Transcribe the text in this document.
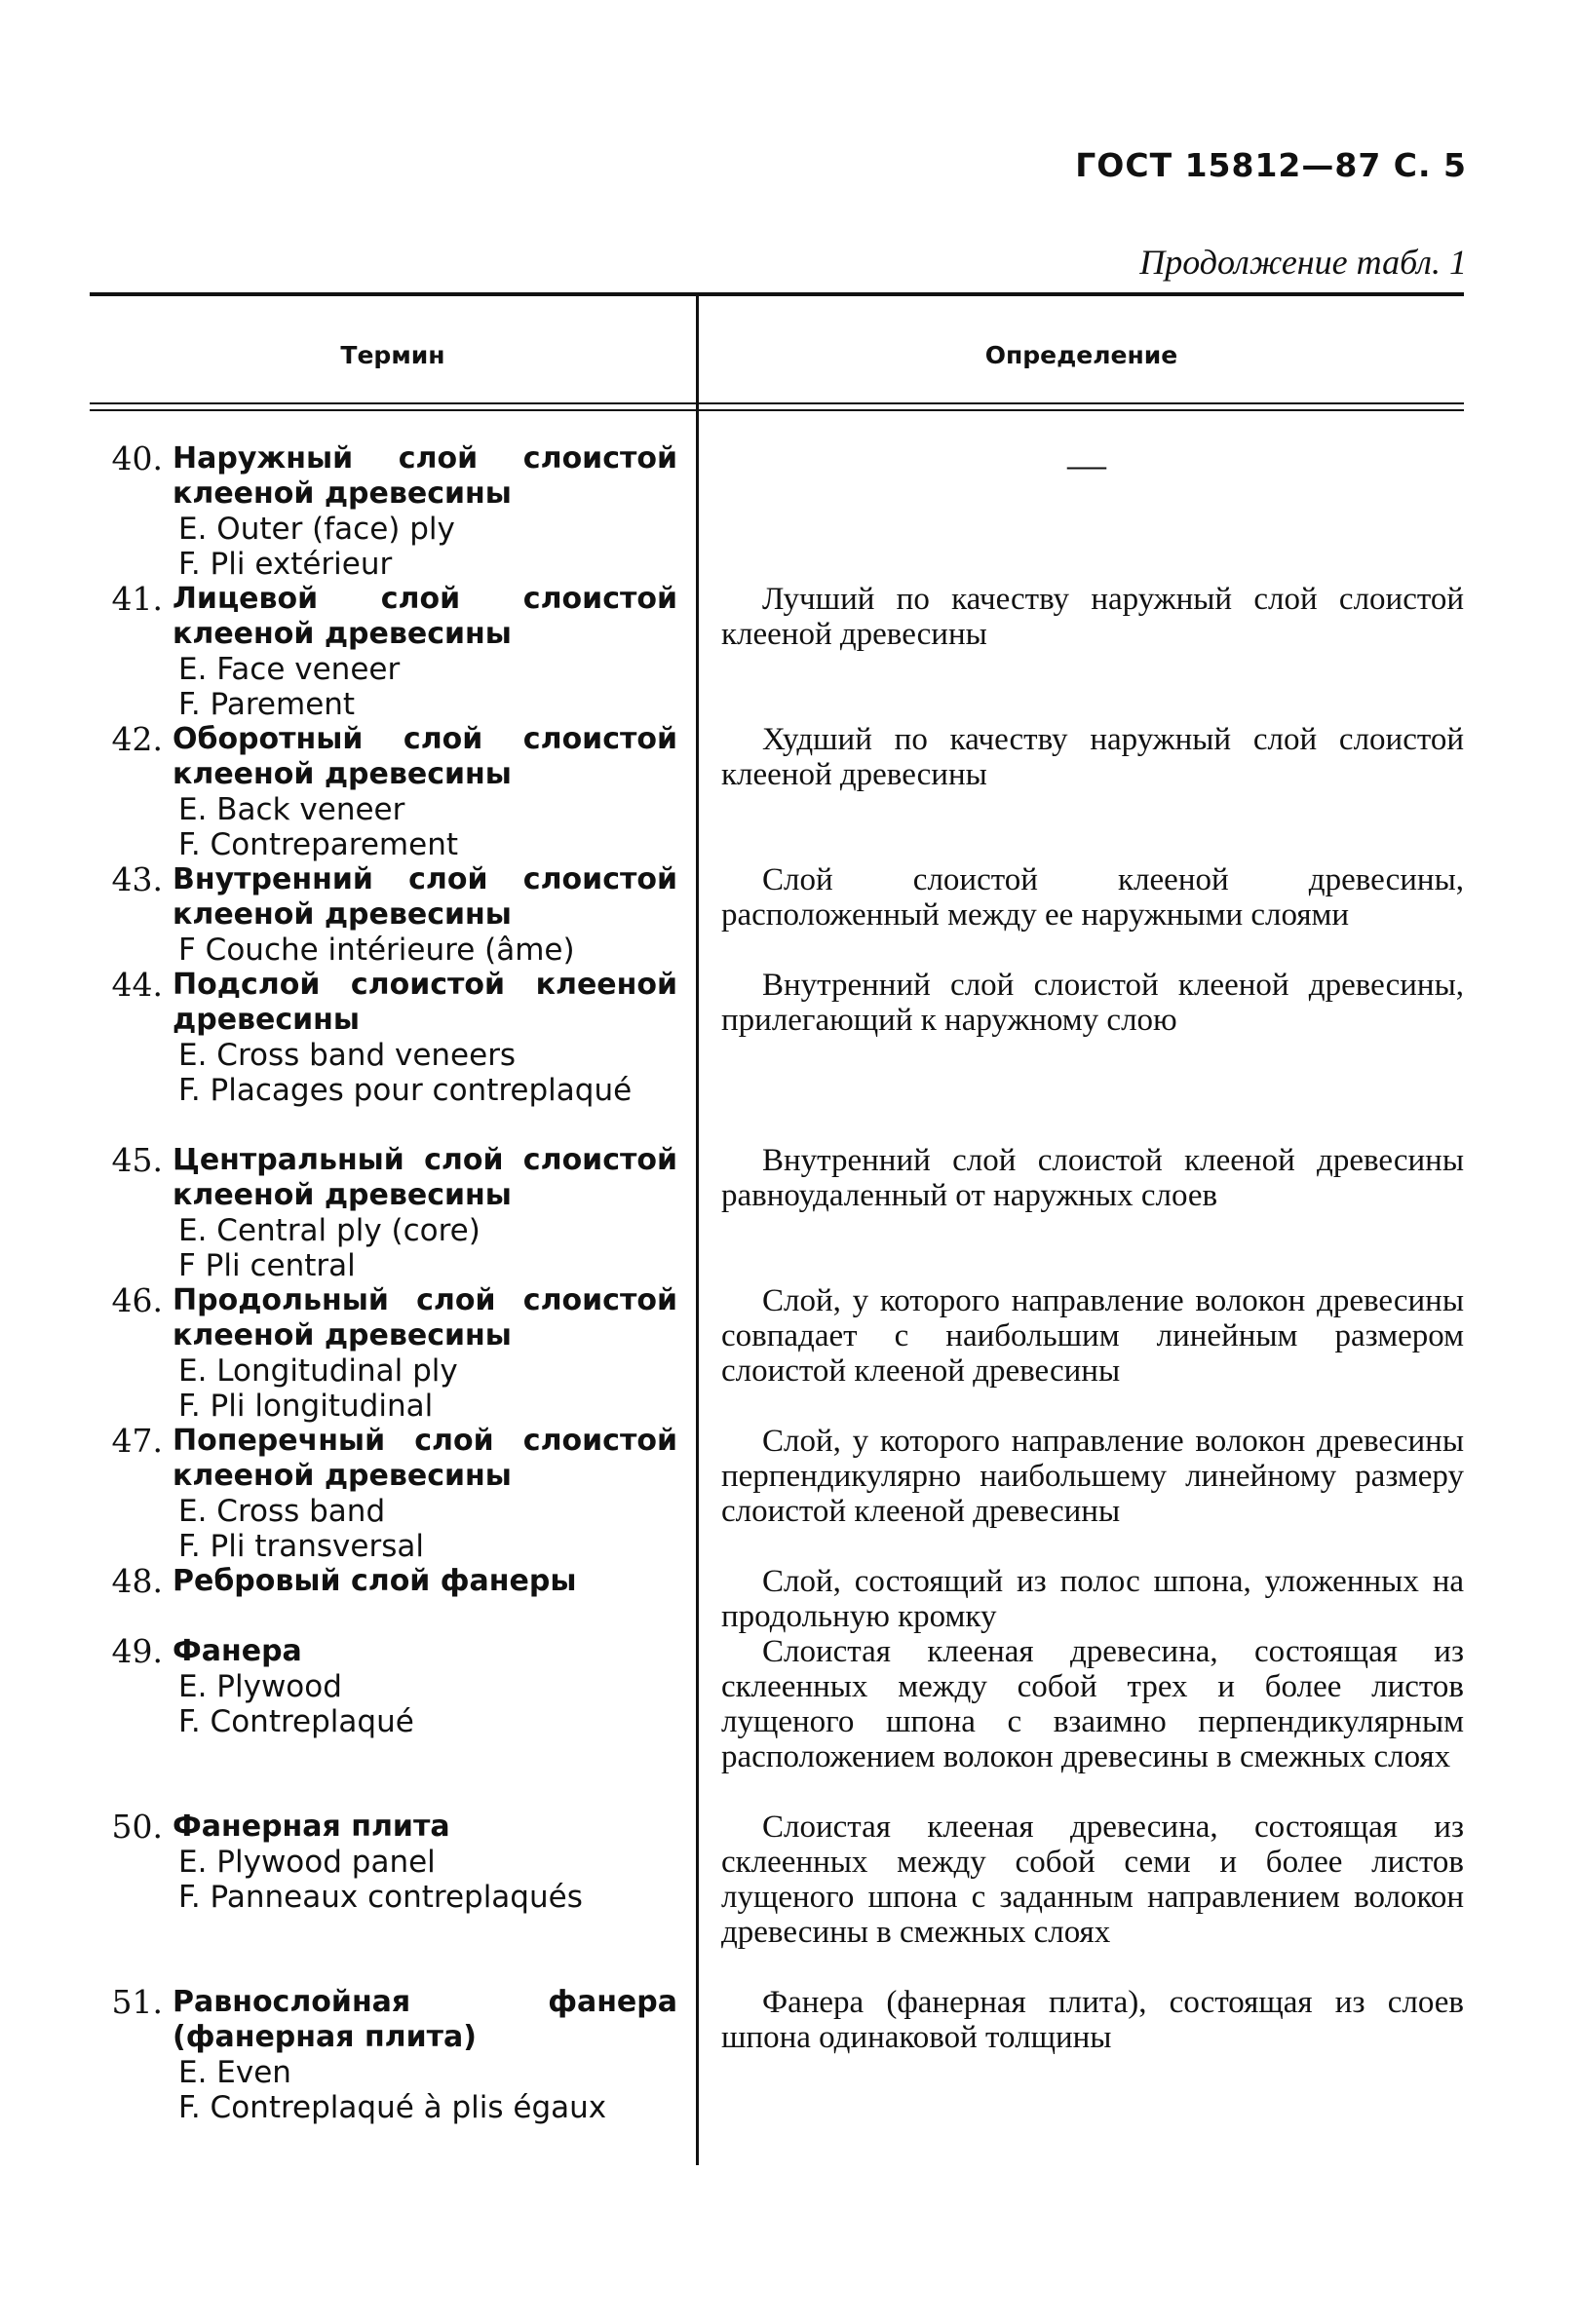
ГОСТ 15812—87 С. 5
Продолжение табл. 1
Термин	Определение
40. Наружный слой слоистой клееной древесины
E. Outer (face) ply
F. Pli extérieur
41. Лицевой слой слоистой клееной древесины
E. Face veneer
F. Parement
42. Оборотный слой слоистой клееной древесины
E. Back veneer
F. Contreparement
43. Внутренний слой слоистой клееной древесины
F Couche intérieure (âme)
44. Подслой слоистой клееной древесины
E. Cross band veneers
F. Placages pour contreplaqué
45. Центральный слой слоистой клееной древесины
E. Central ply (core)
F Pli central
46. Продольный слой слоистой клееной древесины
E. Longitudinal ply
F. Pli longitudinal
47. Поперечный слой слоистой клееной древесины
E. Cross band
F. Pli transversal
48. Ребровый слой фанеры
49. Фанера
E. Plywood
F. Contreplaqué
50. Фанерная плита
E. Plywood panel
F. Panneaux contreplaqués
51. Равнослойная фанера (фанерная плита)
E. Even
F. Contreplaqué à plis égaux
—
Лучший по качеству наружный слой слоистой клееной древесины
Худший по качеству наружный слой слоистой клееной древесины
Слой слоистой клееной древесины, расположенный между ее наружными слоями
Внутренний слой слоистой клееной древесины, прилегающий к наружному слою
Внутренний слой слоистой клееной древесины равноудаленный от наружных слоев
Слой, у которого направление волокон древесины совпадает с наибольшим линейным размером слоистой клееной древесины
Слой, у которого направление волокон древесины перпендикулярно наибольшему линейному размеру слоистой клееной древесины
Слой, состоящий из полос шпона, уложенных на продольную кромку
Слоистая клееная древесина, состоящая из склеенных между собой трех и более листов лущеного шпона с взаимно перпендикулярным расположением волокон древесины в смежных слоях
Слоистая клееная древесина, состоящая из склеенных между собой семи и более листов лущеного шпона с заданным направлением волокон древесины в смежных слоях
Фанера (фанерная плита), состоящая из слоев шпона одинаковой толщины
